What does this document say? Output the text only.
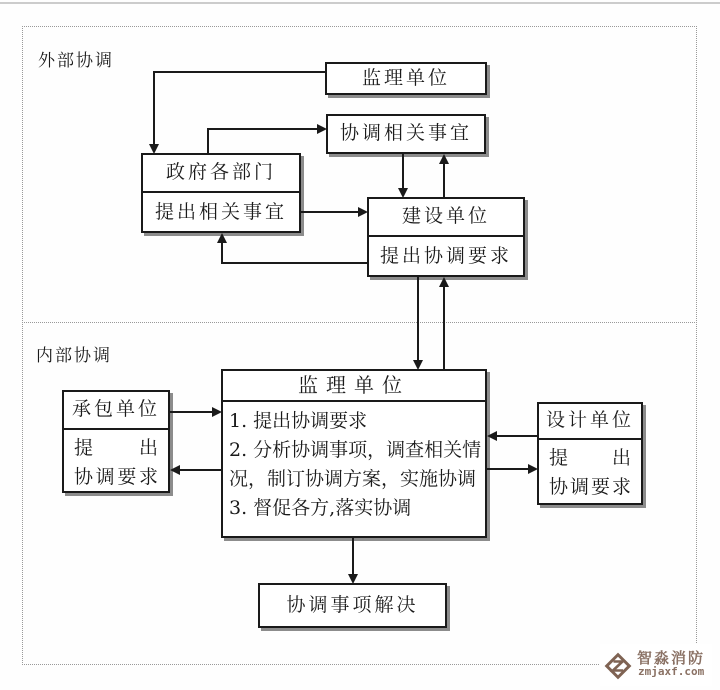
外部协调
内部协调
监理单位
协调相关事宜
政府各部门
提出相关事宜	建设单位
提出协调要求
监理单位
1. 提出协调要求
2. 分析协调事项，调查相关情况，制订协调方案，实施协调
3. 督促各方,落实协调
承包单位
提出
协调要求
设计单位
提出
协调要求
协调事项解决
智淼消防
zmjaxf.com
